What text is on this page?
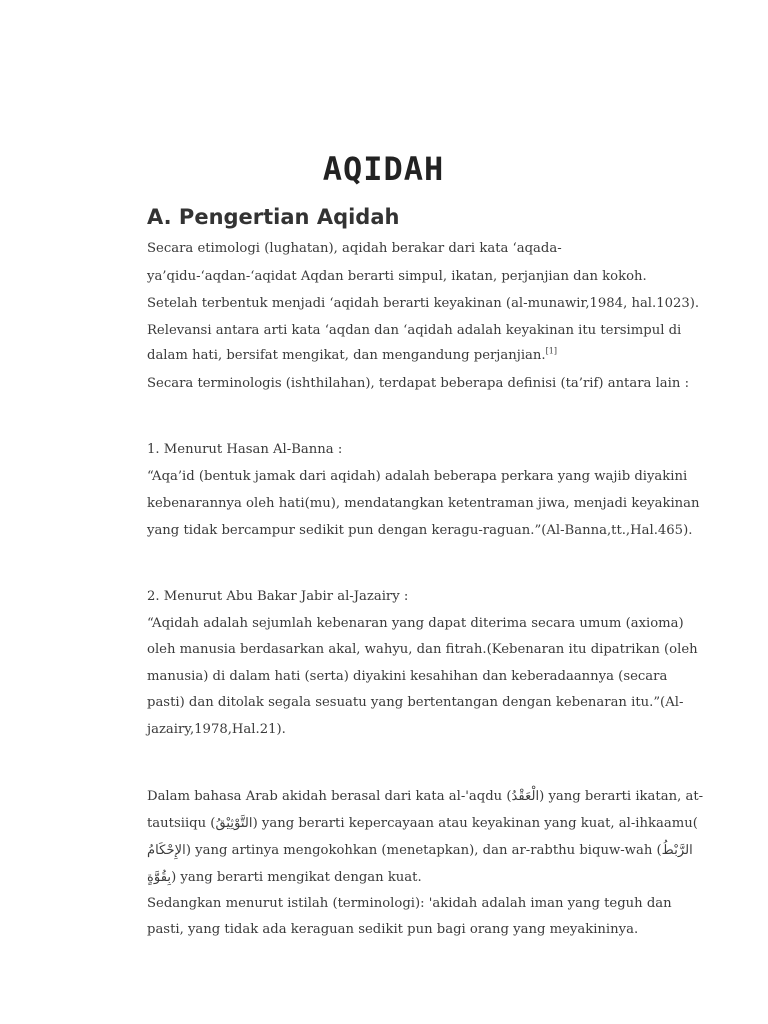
AQIDAH
A. Pengertian Aqidah
Secara etimologi (lughatan), aqidah berakar dari kata ‘aqada-
ya’qidu-‘aqdan-‘aqidat Aqdan berarti simpul, ikatan, perjanjian dan kokoh.
Setelah terbentuk menjadi ‘aqidah berarti keyakinan (al-munawir,1984, hal.1023).
Relevansi antara arti kata ‘aqdan dan ‘aqidah adalah keyakinan itu tersimpul di
dalam hati, bersifat mengikat, dan mengandung perjanjian.[1]
Secara terminologis (ishthilahan), terdapat beberapa definisi (ta’rif) antara lain :
1. Menurut Hasan Al-Banna :
“Aqa’id (bentuk jamak dari aqidah) adalah beberapa perkara yang wajib diyakini
kebenarannya oleh hati(mu), mendatangkan ketentraman jiwa, menjadi keyakinan
yang tidak bercampur sedikit pun dengan keragu-raguan.”(Al-Banna,tt.,Hal.465).
2. Menurut Abu Bakar Jabir al-Jazairy :
“Aqidah adalah sejumlah kebenaran yang dapat diterima secara umum (axioma)
oleh manusia berdasarkan akal, wahyu, dan fitrah.(Kebenaran itu dipatrikan (oleh
manusia) di dalam hati (serta) diyakini kesahihan dan keberadaannya (secara
pasti) dan ditolak segala sesuatu yang bertentangan dengan kebenaran itu.”(Al-
jazairy,1978,Hal.21).
Dalam bahasa Arab akidah berasal dari kata al-'aqdu (الْعَقْدُ) yang berarti ikatan, at-
tautsiiqu (التَّوْثِيْقُ) yang berarti kepercayaan atau keyakinan yang kuat, al-ihkaamu(
الإِحْكَامُ) yang artinya mengokohkan (menetapkan), dan ar-rabthu biquw-wah (الرَّبْطُ
بِقُوَّةٍ) yang berarti mengikat dengan kuat.
Sedangkan menurut istilah (terminologi): 'akidah adalah iman yang teguh dan
pasti, yang tidak ada keraguan sedikit pun bagi orang yang meyakininya.
